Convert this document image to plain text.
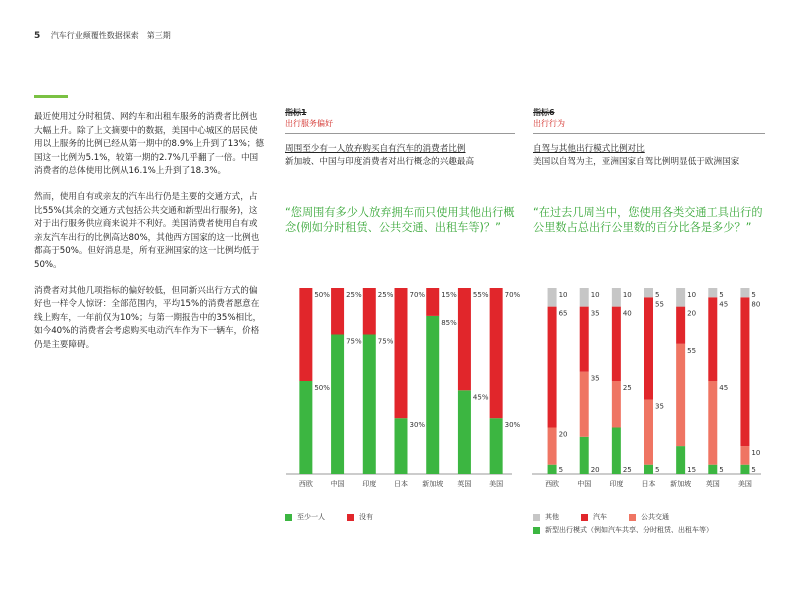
5 汽车行业颠覆性数据探索　第三期

最近使用过分时租赁、网约车和出租车服务的消费者比例也大幅上升。除了上文摘要中的数据，美国中心城区的居民使用以上服务的比例已经从第一期中的8.9%上升到了13%；德国这一比例为5.1%，较第一期的2.7%几乎翻了一倍。中国消费者的总体使用比例从16.1%上升到了18.3%。

然而，使用自有或亲友的汽车出行仍是主要的交通方式，占比55%(其余的交通方式包括公共交通和新型出行服务)，这对于出行服务供应商来说并不利好。美国消费者使用自有或亲友汽车出行的比例高达80%，其他西方国家的这一比例也都高于50%。但好消息是，所有亚洲国家的这一比例均低于50%。

消费者对其他几项指标的偏好较低，但同新兴出行方式的偏好也一样令人惊讶：全部范围内，平均15%的消费者愿意在线上购车，一年前仅为10%；与第一期报告中的35%相比，如今40%的消费者会考虑购买电动汽车作为下一辆车，价格仍是主要障碍。

指标1
出行服务偏好
周围至少有一人放弃购买自有汽车的消费者比例
新加坡、中国与印度消费者对出行概念的兴趣最高
“您周围有多少人放弃拥车而只使用其他出行概念(例如分时租赁、公共交通、出租车等)？”
指标6
出行行为
自驾与其他出行模式比例对比
美国以自驾为主，亚洲国家自驾比例明显低于欧洲国家
“在过去几周当中，您使用各类交通工具出行的公里数占总出行公里数的百分比各是多少？”
50%
50%
西欧
75%
25%
中国
75%
25%
印度
30%
70%
日本
85%
15%
新加坡
45%
55%
英国
30%
70%
美国
5
20
65
10
西欧
20
35
35
10
中国
25
25
40
10
印度
5
35
55
5
日本
15
55
20
10
新加坡
5
45
45
5
英国
5
10
80
5
美国
至少一人	没有	其他	汽车	公共交通
新型出行模式（例如汽车共享、分时租赁、出租车等）
